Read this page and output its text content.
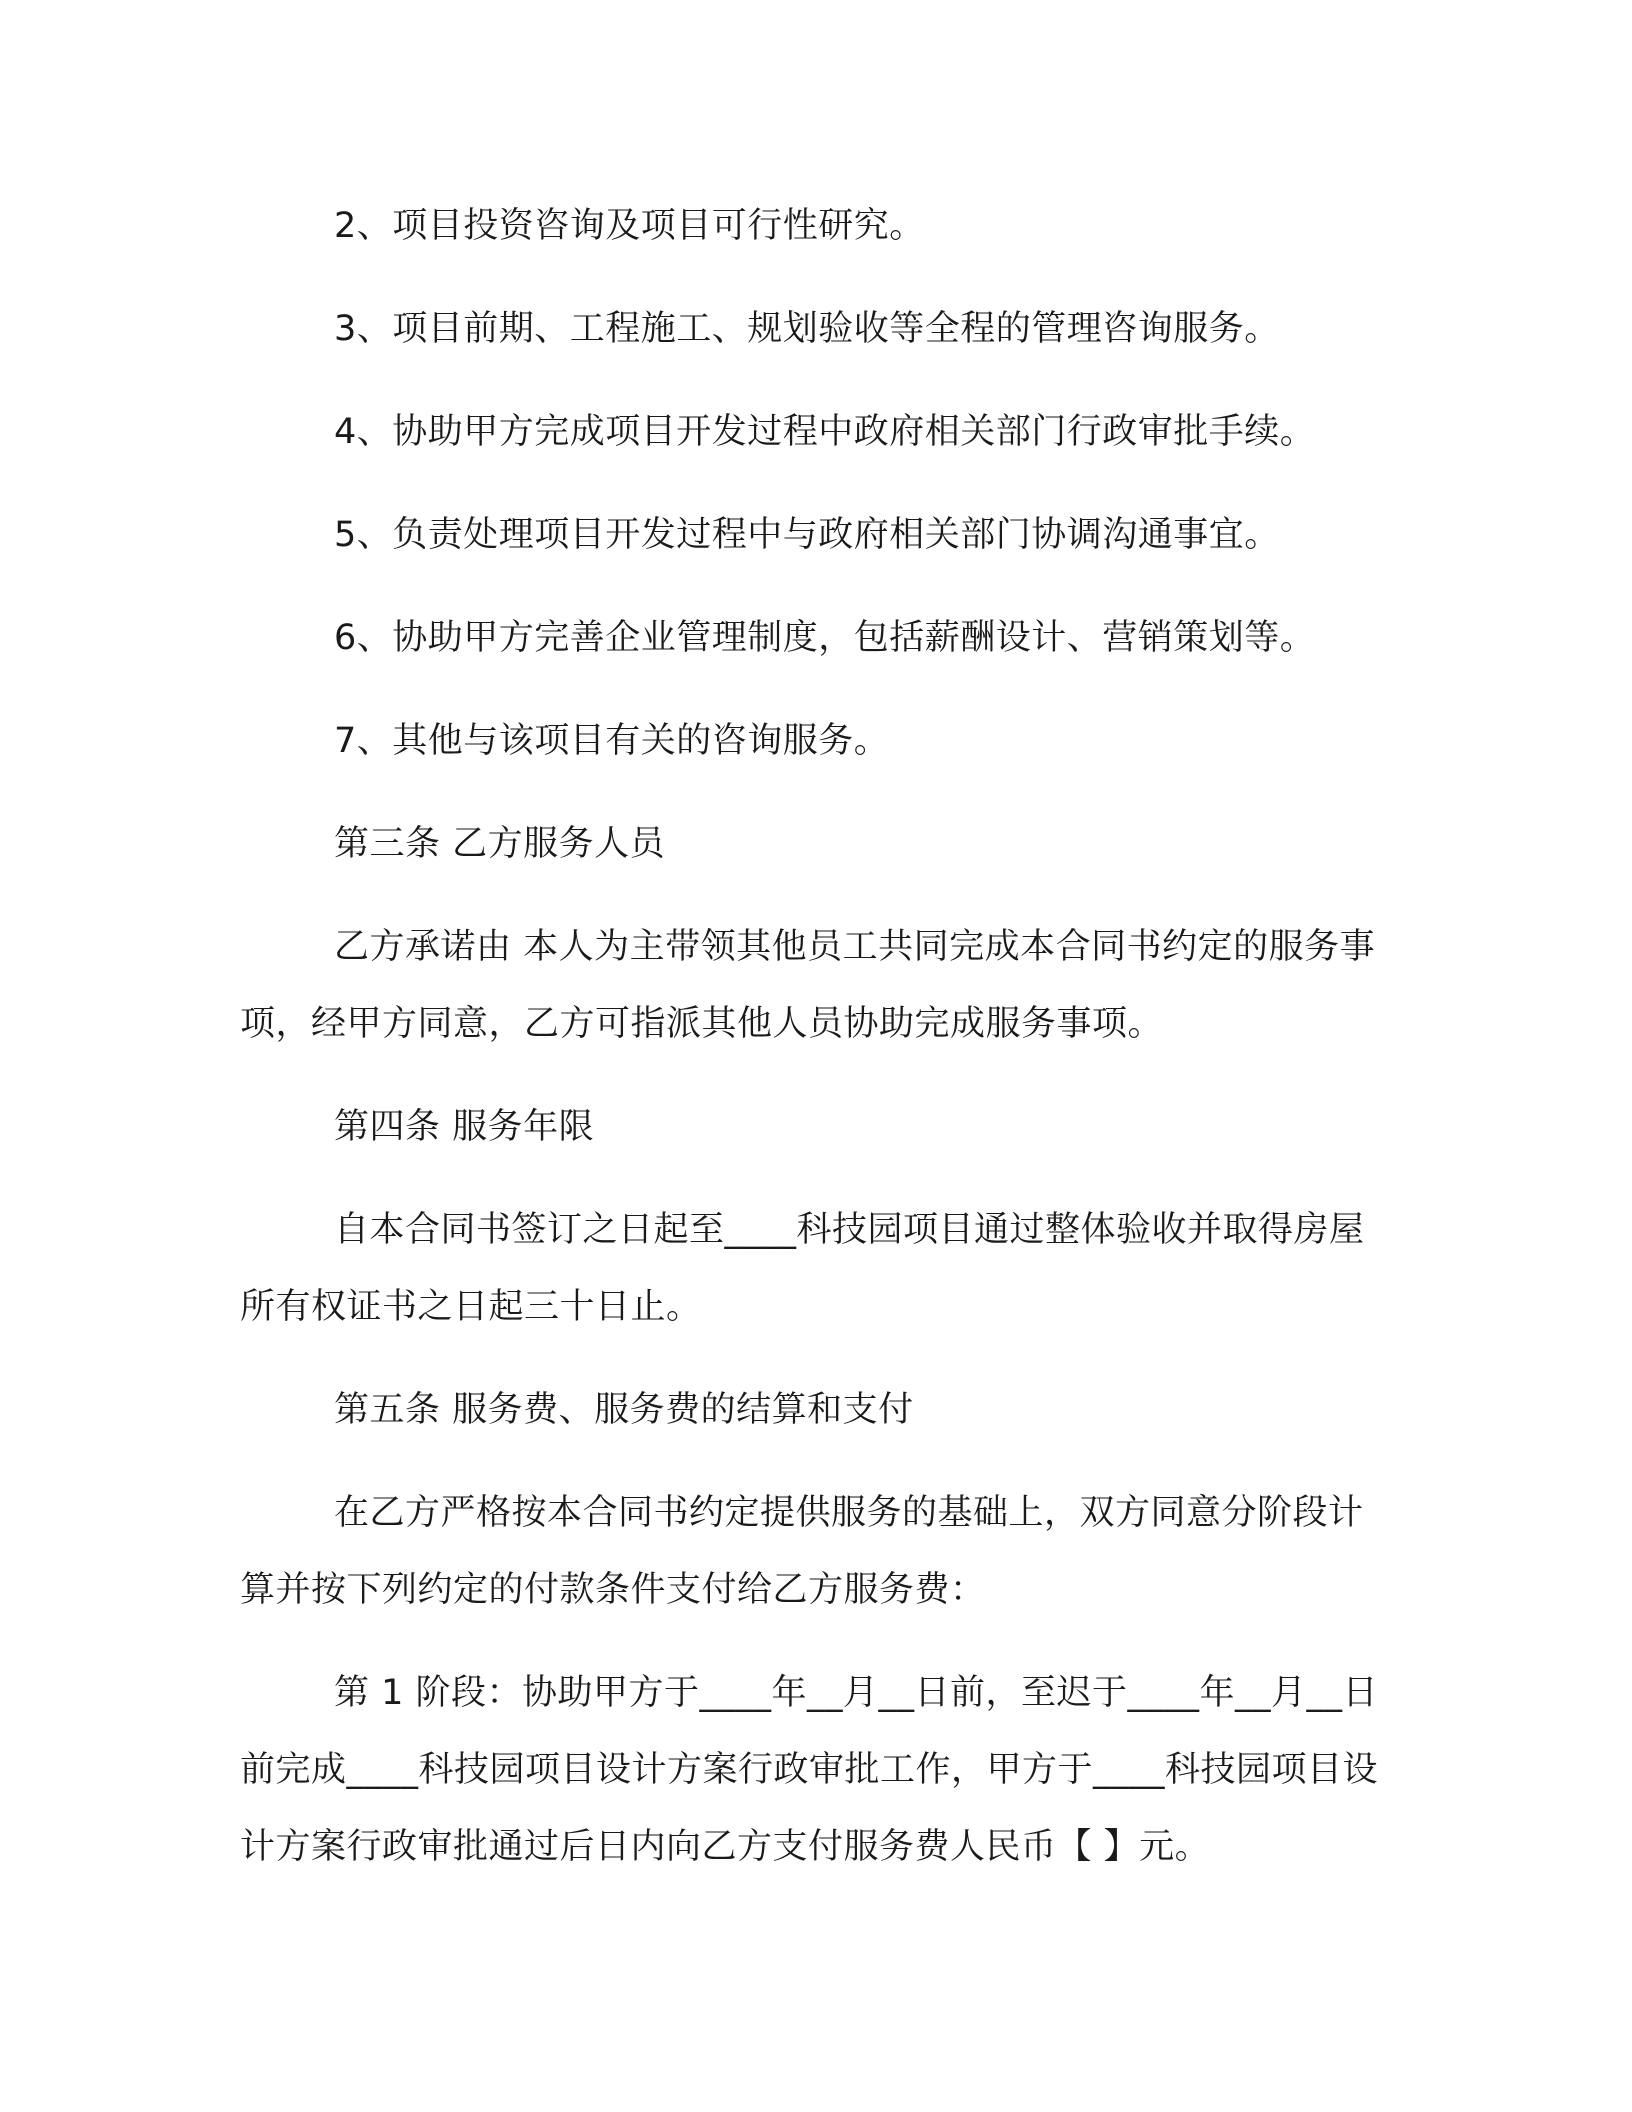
2、项目投资咨询及项目可行性研究。

3、项目前期、工程施工、规划验收等全程的管理咨询服务。

4、协助甲方完成项目开发过程中政府相关部门行政审批手续。

5、负责处理项目开发过程中与政府相关部门协调沟通事宜。

6、协助甲方完善企业管理制度，包括薪酬设计、营销策划等。

7、其他与该项目有关的咨询服务。

第三条 乙方服务人员

乙方承诺由 本人为主带领其他员工共同完成本合同书约定的服务事项，经甲方同意，乙方可指派其他人员协助完成服务事项。

第四条 服务年限

自本合同书签订之日起至____科技园项目通过整体验收并取得房屋所有权证书之日起三十日止。

第五条 服务费、服务费的结算和支付

在乙方严格按本合同书约定提供服务的基础上，双方同意分阶段计算并按下列约定的付款条件支付给乙方服务费：

第 1 阶段：协助甲方于____年__月__日前，至迟于____年__月__日前完成____科技园项目设计方案行政审批工作，甲方于____科技园项目设计方案行政审批通过后日内向乙方支付服务费人民币【 】元。
